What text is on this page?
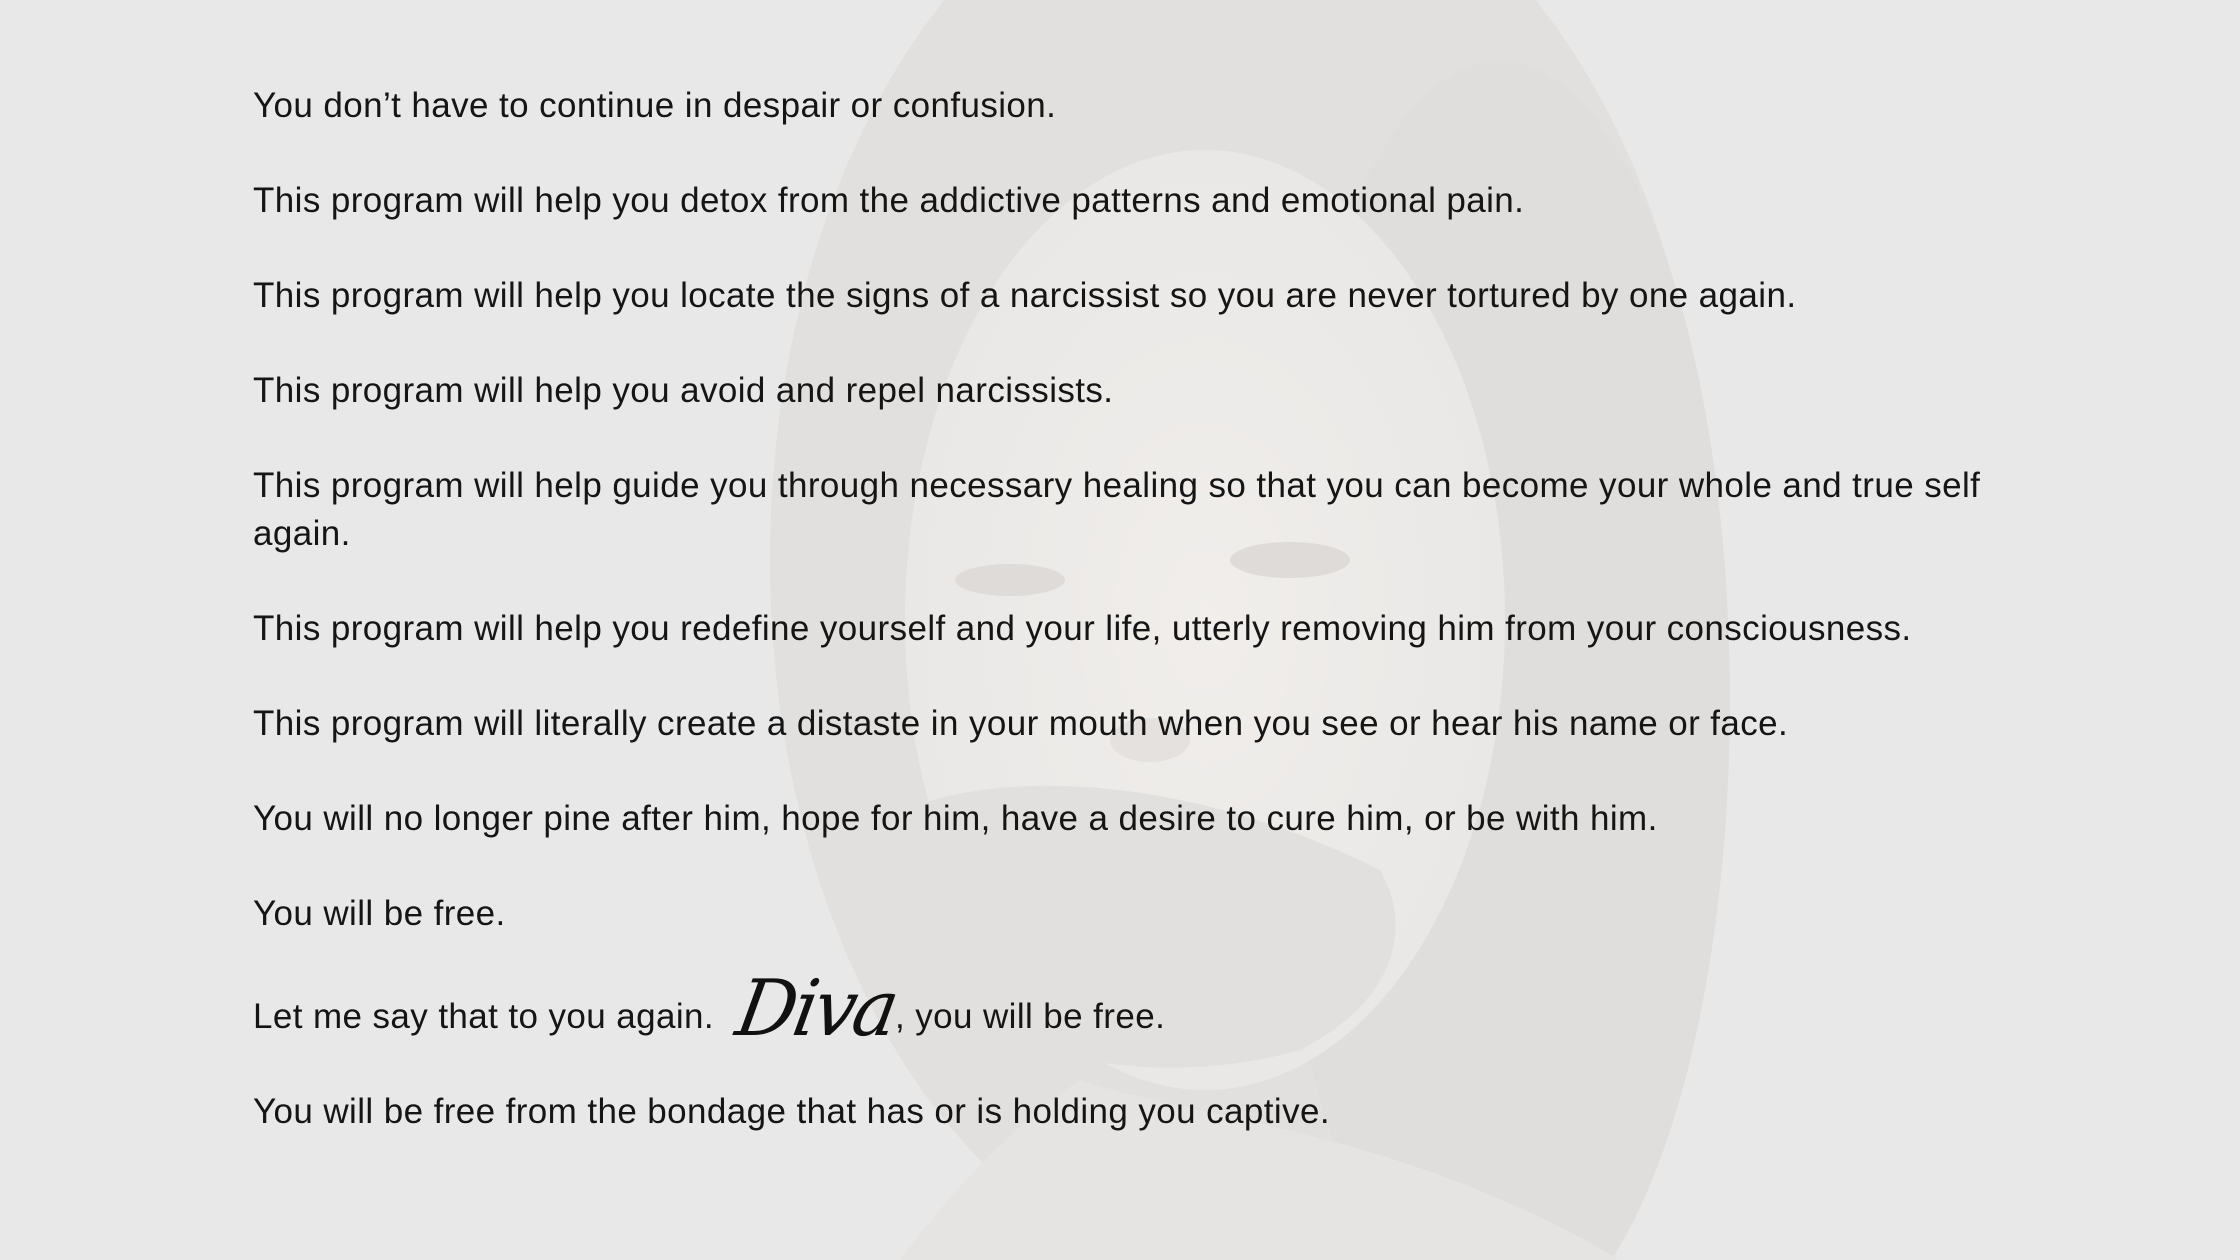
You don’t have to continue in despair or confusion.

This program will help you detox from the addictive patterns and emotional pain.

This program will help you locate the signs of a narcissist so you are never tortured by one again.

This program will help you avoid and repel narcissists.

This program will help guide you through necessary healing so that you can become your whole and true self again.

This program will help you redefine yourself and your life, utterly removing him from your consciousness.

This program will literally create a distaste in your mouth when you see or hear his name or face.

You will no longer pine after him, hope for him, have a desire to cure him, or be with him.

You will be free.

Let me say that to you again. Diva, you will be free.

You will be free from the bondage that has or is holding you captive.
